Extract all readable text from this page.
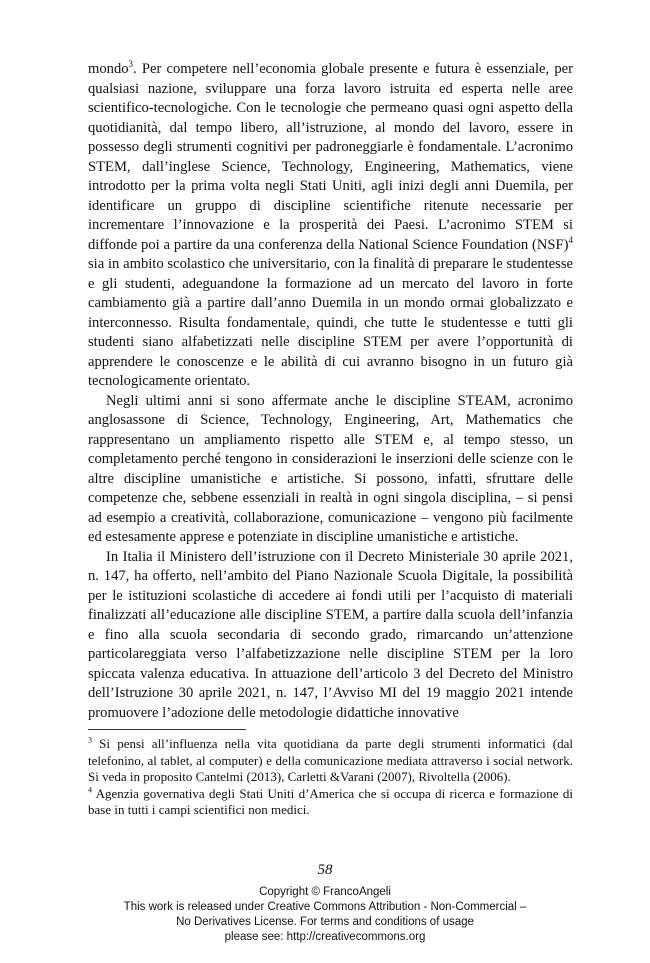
mondo$^3$. Per competere nell’economia globale presente e futura è essenziale, per qualsiasi nazione, sviluppare una forza lavoro istruita ed esperta nelle aree scientifico-tecnologiche. Con le tecnologie che permeano quasi ogni aspetto della quotidianità, dal tempo libero, all’istruzione, al mondo del lavoro, essere in possesso degli strumenti cognitivi per padroneggiarle è fondamentale. L’acronimo STEM, dall’inglese Science, Technology, Engineering, Mathematics, viene introdotto per la prima volta negli Stati Uniti, agli inizi degli anni Duemila, per identificare un gruppo di discipline scientifiche ritenute necessarie per incrementare l’innovazione e la prosperità dei Paesi. L’acronimo STEM si diffonde poi a partire da una conferenza della National Science Foundation (NSF)$^4$ sia in ambito scolastico che universitario, con la finalità di preparare le studentesse e gli studenti, adeguandone la formazione ad un mercato del lavoro in forte cambiamento già a partire dall’anno Duemila in un mondo ormai globalizzato e interconnesso. Risulta fondamentale, quindi, che tutte le studentesse e tutti gli studenti siano alfabetizzati nelle discipline STEM per avere l’opportunità di apprendere le conoscenze e le abilità di cui avranno bisogno in un futuro già tecnologicamente orientato.

Negli ultimi anni si sono affermate anche le discipline STEAM, acronimo anglosassone di Science, Technology, Engineering, Art, Mathematics che rappresentano un ampliamento rispetto alle STEM e, al tempo stesso, un completamento perché tengono in considerazioni le inserzioni delle scienze con le altre discipline umanistiche e artistiche. Si possono, infatti, sfruttare delle competenze che, sebbene essenziali in realtà in ogni singola disciplina, – si pensi ad esempio a creatività, collaborazione, comunicazione – vengono più facilmente ed estesamente apprese e potenziate in discipline umanistiche e artistiche.

In Italia il Ministero dell’istruzione con il Decreto Ministeriale 30 aprile 2021, n. 147, ha offerto, nell’ambito del Piano Nazionale Scuola Digitale, la possibilità per le istituzioni scolastiche di accedere ai fondi utili per l’acquisto di materiali finalizzati all’educazione alle discipline STEM, a partire dalla scuola dell’infanzia e fino alla scuola secondaria di secondo grado, rimarcando un’attenzione particolareggiata verso l’alfabetizzazione nelle discipline STEM per la loro spiccata valenza educativa. In attuazione dell’articolo 3 del Decreto del Ministro dell’Istruzione 30 aprile 2021, n. 147, l’Avviso MI del 19 maggio 2021 intende promuovere l’adozione delle metodologie didattiche innovative

$^3$ Si pensi all’influenza nella vita quotidiana da parte degli strumenti informatici (dal telefonino, al tablet, al computer) e della comunicazione mediata attraverso i social network. Si veda in proposito Cantelmi (2013), Carletti &Varani (2007), Rivoltella (2006).

$^4$ Agenzia governativa degli Stati Uniti d’America che si occupa di ricerca e formazione di base in tutti i campi scientifici non medici.

58
Copyright © FrancoAngeli
This work is released under Creative Commons Attribution - Non-Commercial –
No Derivatives License. For terms and conditions of usage
please see: http://creativecommons.org
